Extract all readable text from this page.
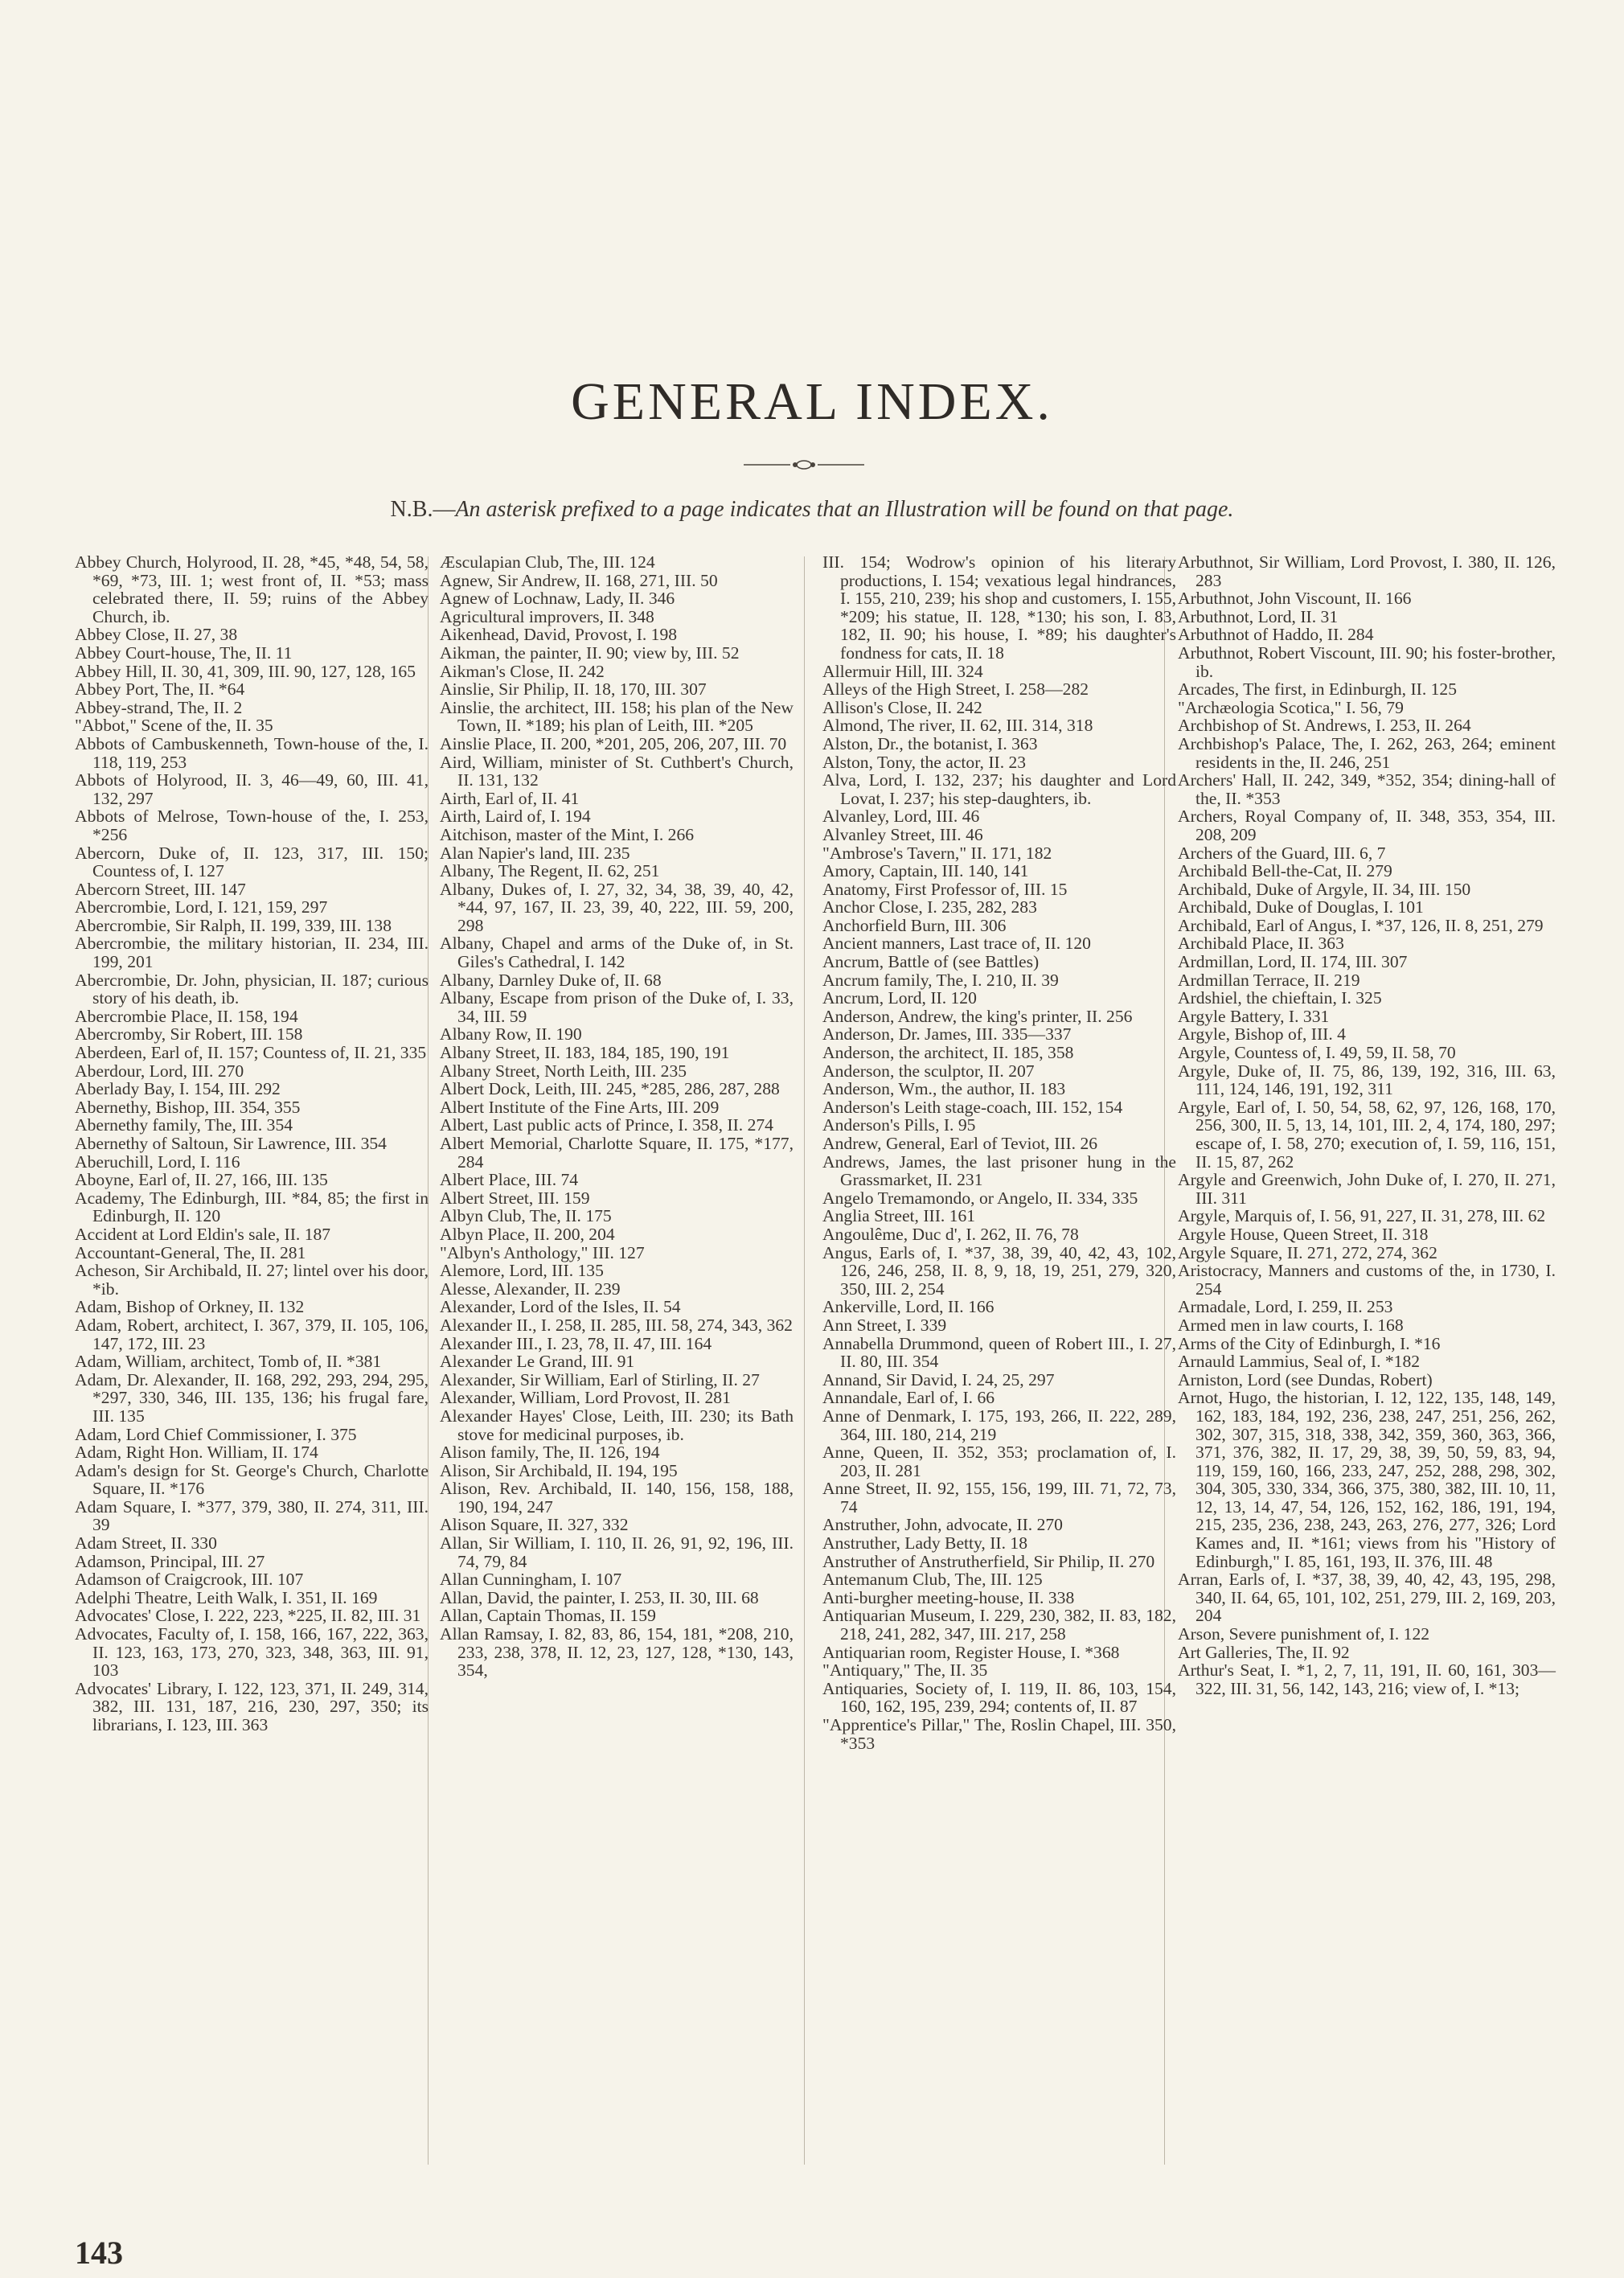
GENERAL INDEX.
N.B.—An asterisk prefixed to a page indicates that an Illustration will be found on that page.

Abbey Church, Holyrood, II. 28, *45, *48, 54, 58, *69, *73, III. 1; west front of, II. *53; mass celebrated there, II. 59; ruins of the Abbey Church, ib.

Abbey Close, II. 27, 38

Abbey Court-house, The, II. 11

Abbey Hill, II. 30, 41, 309, III. 90, 127, 128, 165

Abbey Port, The, II. *64

Abbey-strand, The, II. 2

"Abbot," Scene of the, II. 35

Abbots of Cambuskenneth, Town-house of the, I. 118, 119, 253

Abbots of Holyrood, II. 3, 46—49, 60, III. 41, 132, 297

Abbots of Melrose, Town-house of the, I. 253, *256

Abercorn, Duke of, II. 123, 317, III. 150; Countess of, I. 127

Abercorn Street, III. 147

Abercrombie, Lord, I. 121, 159, 297

Abercrombie, Sir Ralph, II. 199, 339, III. 138

Abercrombie, the military historian, II. 234, III. 199, 201

Abercrombie, Dr. John, physician, II. 187; curious story of his death, ib.

Abercrombie Place, II. 158, 194

Abercromby, Sir Robert, III. 158

Aberdeen, Earl of, II. 157; Countess of, II. 21, 335

Aberdour, Lord, III. 270

Aberlady Bay, I. 154, III. 292

Abernethy, Bishop, III. 354, 355

Abernethy family, The, III. 354

Abernethy of Saltoun, Sir Lawrence, III. 354

Aberuchill, Lord, I. 116

Aboyne, Earl of, II. 27, 166, III. 135

Academy, The Edinburgh, III. *84, 85; the first in Edinburgh, II. 120

Accident at Lord Eldin's sale, II. 187

Accountant-General, The, II. 281

Acheson, Sir Archibald, II. 27; lintel over his door, *ib.

Adam, Bishop of Orkney, II. 132

Adam, Robert, architect, I. 367, 379, II. 105, 106, 147, 172, III. 23

Adam, William, architect, Tomb of, II. *381

Adam, Dr. Alexander, II. 168, 292, 293, 294, 295, *297, 330, 346, III. 135, 136; his frugal fare, III. 135

Adam, Lord Chief Commissioner, I. 375

Adam, Right Hon. William, II. 174

Adam's design for St. George's Church, Charlotte Square, II. *176

Adam Square, I. *377, 379, 380, II. 274, 311, III. 39

Adam Street, II. 330

Adamson, Principal, III. 27

Adamson of Craigcrook, III. 107

Adelphi Theatre, Leith Walk, I. 351, II. 169

Advocates' Close, I. 222, 223, *225, II. 82, III. 31

Advocates, Faculty of, I. 158, 166, 167, 222, 363, II. 123, 163, 173, 270, 323, 348, 363, III. 91, 103

Advocates' Library, I. 122, 123, 371, II. 249, 314, 382, III. 131, 187, 216, 230, 297, 350; its librarians, I. 123, III. 363

Æsculapian Club, The, III. 124

Agnew, Sir Andrew, II. 168, 271, III. 50

Agnew of Lochnaw, Lady, II. 346

Agricultural improvers, II. 348

Aikenhead, David, Provost, I. 198

Aikman, the painter, II. 90; view by, III. 52

Aikman's Close, II. 242

Ainslie, Sir Philip, II. 18, 170, III. 307

Ainslie, the architect, III. 158; his plan of the New Town, II. *189; his plan of Leith, III. *205

Ainslie Place, II. 200, *201, 205, 206, 207, III. 70

Aird, William, minister of St. Cuthbert's Church, II. 131, 132

Airth, Earl of, II. 41

Airth, Laird of, I. 194

Aitchison, master of the Mint, I. 266

Alan Napier's land, III. 235

Albany, The Regent, II. 62, 251

Albany, Dukes of, I. 27, 32, 34, 38, 39, 40, 42, *44, 97, 167, II. 23, 39, 40, 222, III. 59, 200, 298

Albany, Chapel and arms of the Duke of, in St. Giles's Cathedral, I. 142

Albany, Darnley Duke of, II. 68

Albany, Escape from prison of the Duke of, I. 33, 34, III. 59

Albany Row, II. 190

Albany Street, II. 183, 184, 185, 190, 191

Albany Street, North Leith, III. 235

Albert Dock, Leith, III. 245, *285, 286, 287, 288

Albert Institute of the Fine Arts, III. 209

Albert, Last public acts of Prince, I. 358, II. 274

Albert Memorial, Charlotte Square, II. 175, *177, 284

Albert Place, III. 74

Albert Street, III. 159

Albyn Club, The, II. 175

Albyn Place, II. 200, 204

"Albyn's Anthology," III. 127

Alemore, Lord, III. 135

Alesse, Alexander, II. 239

Alexander, Lord of the Isles, II. 54

Alexander II., I. 258, II. 285, III. 58, 274, 343, 362

Alexander III., I. 23, 78, II. 47, III. 164

Alexander Le Grand, III. 91

Alexander, Sir William, Earl of Stirling, II. 27

Alexander, William, Lord Provost, II. 281

Alexander Hayes' Close, Leith, III. 230; its Bath stove for medicinal purposes, ib.

Alison family, The, II. 126, 194

Alison, Sir Archibald, II. 194, 195

Alison, Rev. Archibald, II. 140, 156, 158, 188, 190, 194, 247

Alison Square, II. 327, 332

Allan, Sir William, I. 110, II. 26, 91, 92, 196, III. 74, 79, 84

Allan Cunningham, I. 107

Allan, David, the painter, I. 253, II. 30, III. 68

Allan, Captain Thomas, II. 159

Allan Ramsay, I. 82, 83, 86, 154, 181, *208, 210, 233, 238, 378, II. 12, 23, 127, 128, *130, 143, 354,

III. 154; Wodrow's opinion of his literary productions, I. 154; vexatious legal hindrances, I. 155, 210, 239; his shop and customers, I. 155, *209; his statue, II. 128, *130; his son, I. 83, 182, II. 90; his house, I. *89; his daughter's fondness for cats, II. 18

Allermuir Hill, III. 324

Alleys of the High Street, I. 258—282

Allison's Close, II. 242

Almond, The river, II. 62, III. 314, 318

Alston, Dr., the botanist, I. 363

Alston, Tony, the actor, II. 23

Alva, Lord, I. 132, 237; his daughter and Lord Lovat, I. 237; his step-daughters, ib.

Alvanley, Lord, III. 46

Alvanley Street, III. 46

"Ambrose's Tavern," II. 171, 182

Amory, Captain, III. 140, 141

Anatomy, First Professor of, III. 15

Anchor Close, I. 235, 282, 283

Anchorfield Burn, III. 306

Ancient manners, Last trace of, II. 120

Ancrum, Battle of (see Battles)

Ancrum family, The, I. 210, II. 39

Ancrum, Lord, II. 120

Anderson, Andrew, the king's printer, II. 256

Anderson, Dr. James, III. 335—337

Anderson, the architect, II. 185, 358

Anderson, the sculptor, II. 207

Anderson, Wm., the author, II. 183

Anderson's Leith stage-coach, III. 152, 154

Anderson's Pills, I. 95

Andrew, General, Earl of Teviot, III. 26

Andrews, James, the last prisoner hung in the Grassmarket, II. 231

Angelo Tremamondo, or Angelo, II. 334, 335

Anglia Street, III. 161

Angoulême, Duc d', I. 262, II. 76, 78

Angus, Earls of, I. *37, 38, 39, 40, 42, 43, 102, 126, 246, 258, II. 8, 9, 18, 19, 251, 279, 320, 350, III. 2, 254

Ankerville, Lord, II. 166

Ann Street, I. 339

Annabella Drummond, queen of Robert III., I. 27, II. 80, III. 354

Annand, Sir David, I. 24, 25, 297

Annandale, Earl of, I. 66

Anne of Denmark, I. 175, 193, 266, II. 222, 289, 364, III. 180, 214, 219

Anne, Queen, II. 352, 353; proclamation of, I. 203, II. 281

Anne Street, II. 92, 155, 156, 199, III. 71, 72, 73, 74

Anstruther, John, advocate, II. 270

Anstruther, Lady Betty, II. 18

Anstruther of Anstrutherfield, Sir Philip, II. 270

Antemanum Club, The, III. 125

Anti-burgher meeting-house, II. 338

Antiquarian Museum, I. 229, 230, 382, II. 83, 182, 218, 241, 282, 347, III. 217, 258

Antiquarian room, Register House, I. *368

"Antiquary," The, II. 35

Antiquaries, Society of, I. 119, II. 86, 103, 154, 160, 162, 195, 239, 294; contents of, II. 87

"Apprentice's Pillar," The, Roslin Chapel, III. 350, *353

Arbuthnot, Sir William, Lord Provost, I. 380, II. 126, 283

Arbuthnot, John Viscount, II. 166

Arbuthnot, Lord, II. 31

Arbuthnot of Haddo, II. 284

Arbuthnot, Robert Viscount, III. 90; his foster-brother, ib.

Arcades, The first, in Edinburgh, II. 125

"Archæologia Scotica," I. 56, 79

Archbishop of St. Andrews, I. 253, II. 264

Archbishop's Palace, The, I. 262, 263, 264; eminent residents in the, II. 246, 251

Archers' Hall, II. 242, 349, *352, 354; dining-hall of the, II. *353

Archers, Royal Company of, II. 348, 353, 354, III. 208, 209

Archers of the Guard, III. 6, 7

Archibald Bell-the-Cat, II. 279

Archibald, Duke of Argyle, II. 34, III. 150

Archibald, Duke of Douglas, I. 101

Archibald, Earl of Angus, I. *37, 126, II. 8, 251, 279

Archibald Place, II. 363

Ardmillan, Lord, II. 174, III. 307

Ardmillan Terrace, II. 219

Ardshiel, the chieftain, I. 325

Argyle Battery, I. 331

Argyle, Bishop of, III. 4

Argyle, Countess of, I. 49, 59, II. 58, 70

Argyle, Duke of, II. 75, 86, 139, 192, 316, III. 63, 111, 124, 146, 191, 192, 311

Argyle, Earl of, I. 50, 54, 58, 62, 97, 126, 168, 170, 256, 300, II. 5, 13, 14, 101, III. 2, 4, 174, 180, 297; escape of, I. 58, 270; execution of, I. 59, 116, 151, II. 15, 87, 262

Argyle and Greenwich, John Duke of, I. 270, II. 271, III. 311

Argyle, Marquis of, I. 56, 91, 227, II. 31, 278, III. 62

Argyle House, Queen Street, II. 318

Argyle Square, II. 271, 272, 274, 362

Aristocracy, Manners and customs of the, in 1730, I. 254

Armadale, Lord, I. 259, II. 253

Armed men in law courts, I. 168

Arms of the City of Edinburgh, I. *16

Arnauld Lammius, Seal of, I. *182

Arniston, Lord (see Dundas, Robert)

Arnot, Hugo, the historian, I. 12, 122, 135, 148, 149, 162, 183, 184, 192, 236, 238, 247, 251, 256, 262, 302, 307, 315, 318, 338, 342, 359, 360, 363, 366, 371, 376, 382, II. 17, 29, 38, 39, 50, 59, 83, 94, 119, 159, 160, 166, 233, 247, 252, 288, 298, 302, 304, 305, 330, 334, 366, 375, 380, 382, III. 10, 11, 12, 13, 14, 47, 54, 126, 152, 162, 186, 191, 194, 215, 235, 236, 238, 243, 263, 276, 277, 326; Lord Kames and, II. *161; views from his "History of Edinburgh," I. 85, 161, 193, II. 376, III. 48

Arran, Earls of, I. *37, 38, 39, 40, 42, 43, 195, 298, 340, II. 64, 65, 101, 102, 251, 279, III. 2, 169, 203, 204

Arson, Severe punishment of, I. 122

Art Galleries, The, II. 92

Arthur's Seat, I. *1, 2, 7, 11, 191, II. 60, 161, 303—322, III. 31, 56, 142, 143, 216; view of, I. *13;

143
